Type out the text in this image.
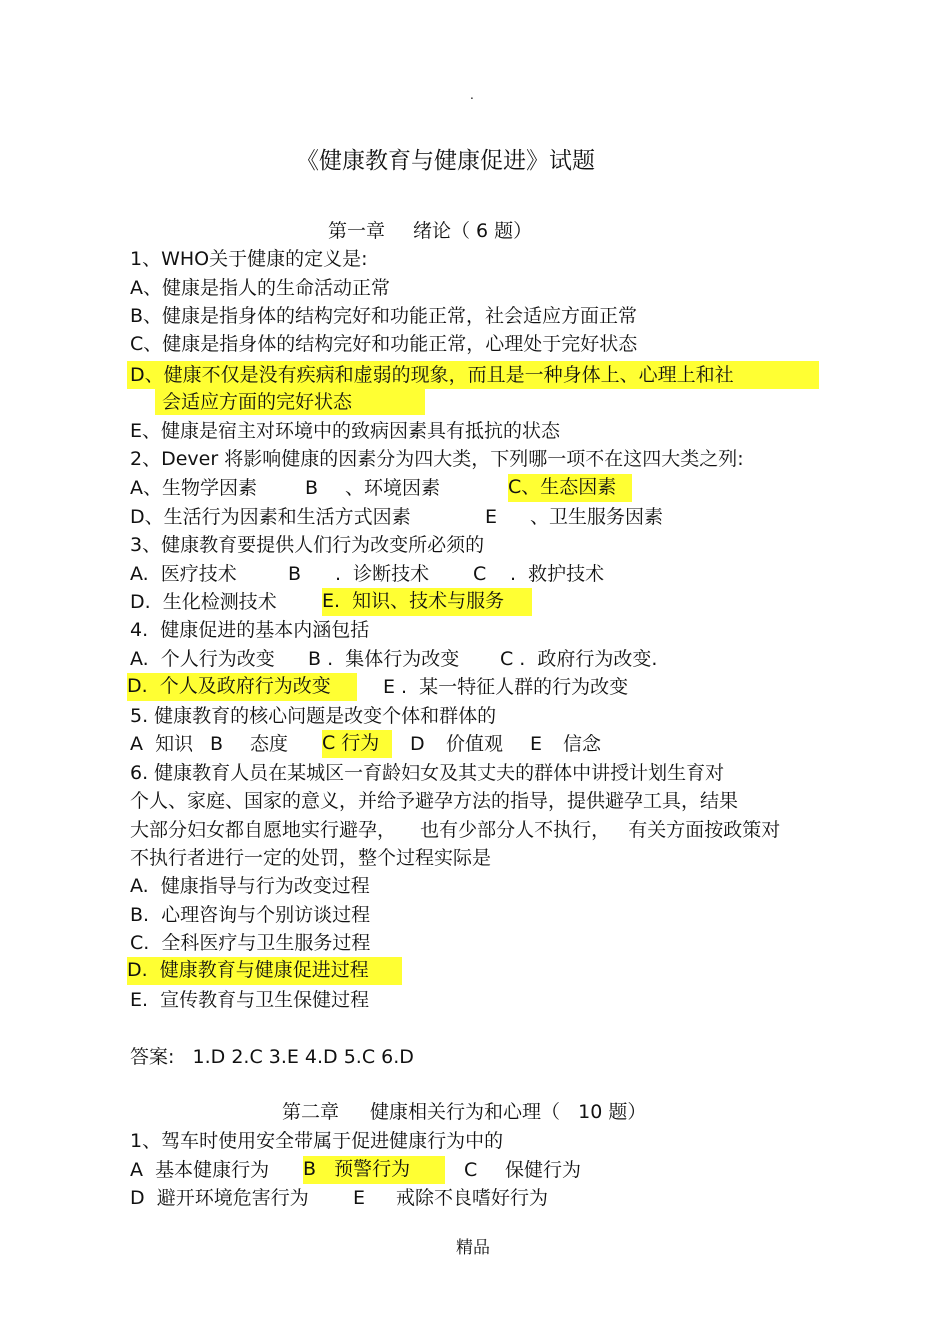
.
《健康教育与健康促进》试题
第一章 绪论（ 6 题）
1、WHO关于健康的定义是:
A、健康是指人的生命活动正常
B、健康是指身体的结构完好和功能正常，社会适应方面正常
C、健康是指身体的结构完好和功能正常，心理处于完好状态
D、健康不仅是没有疾病和虚弱的现象，而且是一种身体上、心理上和社
会适应方面的完好状态
E、健康是宿主对环境中的致病因素具有抵抗的状态
2、Dever 将影响健康的因素分为四大类，下列哪一项不在这四大类之列:
A、生物学因素	B 、环境因素	C、生态因素
D、生活行为因素和生活方式因素	E 、卫生服务因素
3、健康教育要提供人们行为改变所必须的
A.  医疗技术	B .  诊断技术 C .  救护技术
D.  生化检测技术 E.  知识、技术与服务
4.  健康促进的基本内涵包括
A.  个人行为改变 B .  集体行为改变 C .  政府行为改变.
D.  个人及政府行为改变	E .  某一特征人群的行为改变
5. 健康教育的核心问题是改变个体和群体的
A  知识 B 态度 C 行为	D 价值观 E 信念
6. 健康教育人员在某城区一育龄妇女及其丈夫的群体中讲授计划生育对
个人、家庭、国家的意义，并给予避孕方法的指导，提供避孕工具，结果
大部分妇女都自愿地实行避孕，    也有少部分人不执行，   有关方面按政策对
不执行者进行一定的处罚，整个过程实际是
A.  健康指导与行为改变过程
B.  心理咨询与个别访谈过程
C.  全科医疗与卫生服务过程
D.  健康教育与健康促进过程
E.  宣传教育与卫生保健过程
答案:   1.D 2.C 3.E 4.D 5.C 6.D
第二章 健康相关行为和心理（   10 题）
1、驾车时使用安全带属于促进健康行为中的
A  基本健康行为 B   预警行为	C 保健行为
D  避开环境危害行为 E 戒除不良嗜好行为
精品
